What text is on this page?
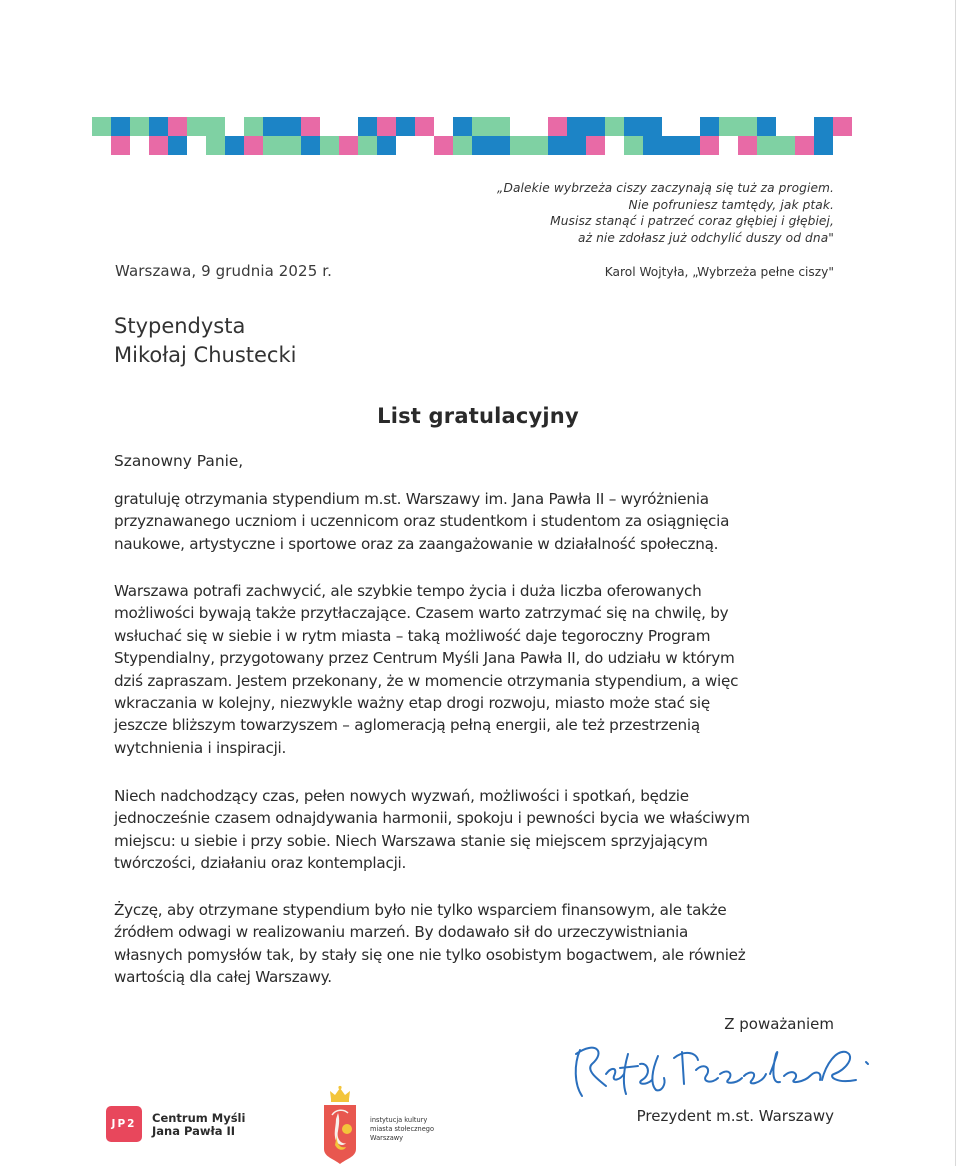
„Dalekie wybrzeża ciszy zaczynają się tuż za progiem.
Nie pofruniesz tamtędy, jak ptak.
Musisz stanąć i patrzeć coraz głębiej i głębiej,
aż nie zdołasz już odchylić duszy od dna"
Karol Wojtyła, „Wybrzeża pełne ciszy"
Warszawa, 9 grudnia 2025 r.
Stypendysta
Mikołaj Chustecki
List gratulacyjny
Szanowny Panie,
gratuluję otrzymania stypendium m.st. Warszawy im. Jana Pawła II – wyróżnienia
przyznawanego uczniom i uczennicom oraz studentkom i studentom za osiągnięcia
naukowe, artystyczne i sportowe oraz za zaangażowanie w działalność społeczną.
Warszawa potrafi zachwycić, ale szybkie tempo życia i duża liczba oferowanych
możliwości bywają także przytłaczające. Czasem warto zatrzymać się na chwilę, by
wsłuchać się w siebie i w rytm miasta – taką możliwość daje tegoroczny Program
Stypendialny, przygotowany przez Centrum Myśli Jana Pawła II, do udziału w którym
dziś zapraszam. Jestem przekonany, że w momencie otrzymania stypendium, a więc
wkraczania w kolejny, niezwykle ważny etap drogi rozwoju, miasto może stać się
jeszcze bliższym towarzyszem – aglomeracją pełną energii, ale też przestrzenią
wytchnienia i inspiracji.
Niech nadchodzący czas, pełen nowych wyzwań, możliwości i spotkań, będzie
jednocześnie czasem odnajdywania harmonii, spokoju i pewności bycia we właściwym
miejscu: u siebie i przy sobie. Niech Warszawa stanie się miejscem sprzyjającym
twórczości, działaniu oraz kontemplacji.
Życzę, aby otrzymane stypendium było nie tylko wsparciem finansowym, ale także
źródłem odwagi w realizowaniu marzeń. By dodawało sił do urzeczywistniania
własnych pomysłów tak, by stały się one nie tylko osobistym bogactwem, ale również
wartością dla całej Warszawy.
Z poważaniem
Prezydent m.st. Warszawy
JP2 Centrum Myśli
Jana Pawła II
instytucja kultury
miasta stołecznego
Warszawy
